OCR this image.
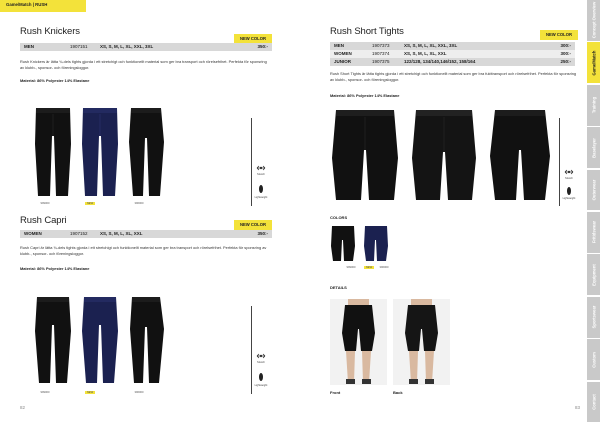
Game/Match | RUSH
Rush Knickers
NEW COLOR
MEN	1907151	XS, S, M, L, XL, XXL, 3XL	350:-
Rush Knickers är lätta ¾-dels tights gjorda i ett stretchigt och funktionellt material som ger bra transport och rörelsefrihet. Perfekta för sponsring av klubb-, sponsor- och föreningsloggor.
Material: 86% Polyester 14% Elastane
999000	NEW	396000
Stretch
Lightweight
Rush Capri	NEW COLOR
WOMEN	1907152	XS, S, M, L, XL, XXL	350:-
Rush Capri är lätta ¾-dels tights gjorda i ett stretchigt och funktionellt material som ger bra transport och rörelsefrihet. Perfekta för sponsring av klubb-, sponsor- och föreningsloggor.
Material: 86% Polyester 14% Elastane
999000	NEW	396000
Stretch
Lightweight
82
Rush Short Tights	NEW COLOR
MEN	1907373	XS, S, M, L, XL, XXL, 3XL	300:-
WOMEN	1907374	XS, S, M, L, XL, XXL	300:-
JUNIOR	1907375	122/128, 134/140,146/152, 158/164	250:-
Rush Short Tights är lätta tights gjorda i ett stretchigt och funktionellt material som ger bra fukttransport och rörelsefrihet. Perfekta för sponsring av klubb-, sponsor- och föreningsloggor.
Material: 86% Polyester 14% Elastane
Stretch
Lightweight
COLORS
999000	NEW	396000
DETAILS
Front	Back
83
Concept Overview
Game/Match
Training
Baselayer
Outerwear
Fritidswear
Equipment
Sportswear
Custom
Contact
